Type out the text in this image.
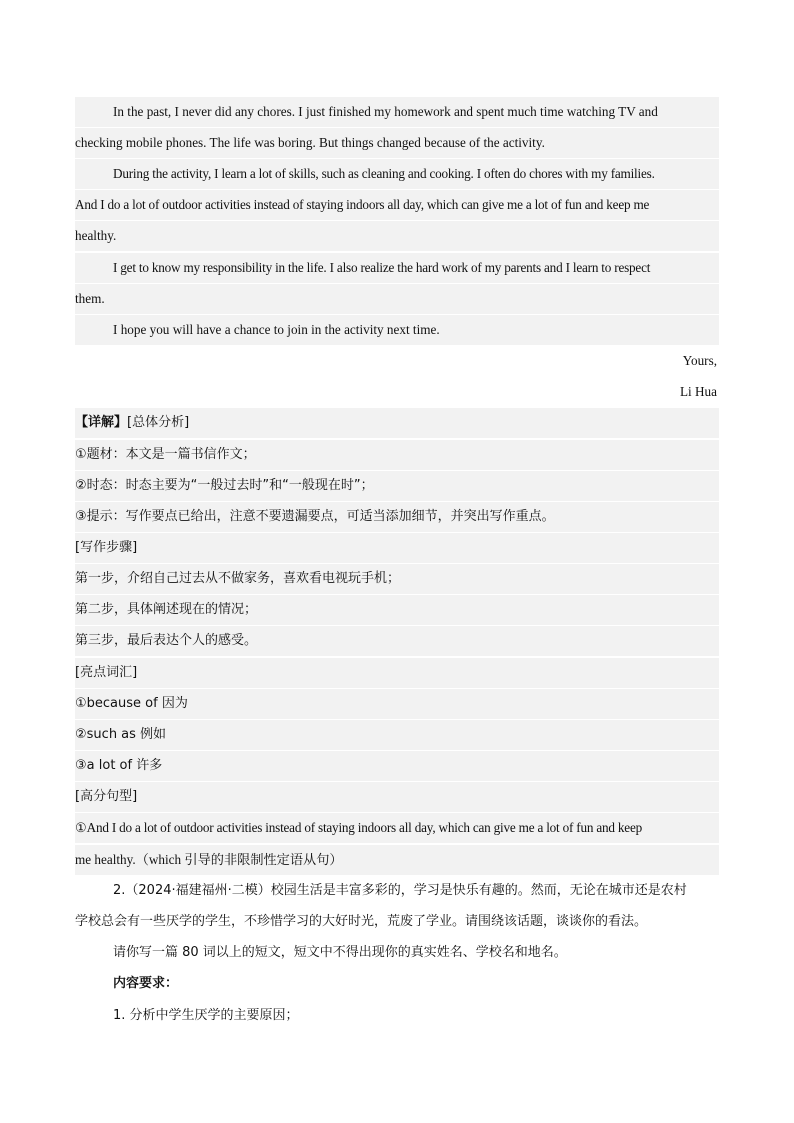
In the past, I never did any chores. I just finished my homework and spent much time watching TV and
checking mobile phones. The life was boring. But things changed because of the activity.
During the activity, I learn a lot of skills, such as cleaning and cooking. I often do chores with my families.
And I do a lot of outdoor activities instead of staying indoors all day, which can give me a lot of fun and keep me
healthy.
I get to know my responsibility in the life. I also realize the hard work of my parents and I learn to respect
them.
I hope you will have a chance to join in the activity next time.
Yours,
Li Hua
【详解】[总体分析]
①题材：本文是一篇书信作文；
②时态：时态主要为“一般过去时”和“一般现在时”；
③提示：写作要点已给出，注意不要遗漏要点，可适当添加细节，并突出写作重点。
[写作步骤]
第一步，介绍自己过去从不做家务，喜欢看电视玩手机；
第二步，具体阐述现在的情况；
第三步，最后表达个人的感受。
[亮点词汇]
①because of 因为
②such as 例如
③a lot of 许多
[高分句型]
①And I do a lot of outdoor activities instead of staying indoors all day, which can give me a lot of fun and keep
me healthy.（which 引导的非限制性定语从句）
2.（2024·福建福州·二模）校园生活是丰富多彩的，学习是快乐有趣的。然而，无论在城市还是农村
学校总会有一些厌学的学生，不珍惜学习的大好时光，荒废了学业。请围绕该话题，谈谈你的看法。
请你写一篇 80 词以上的短文，短文中不得出现你的真实姓名、学校名和地名。
内容要求：
1. 分析中学生厌学的主要原因；
